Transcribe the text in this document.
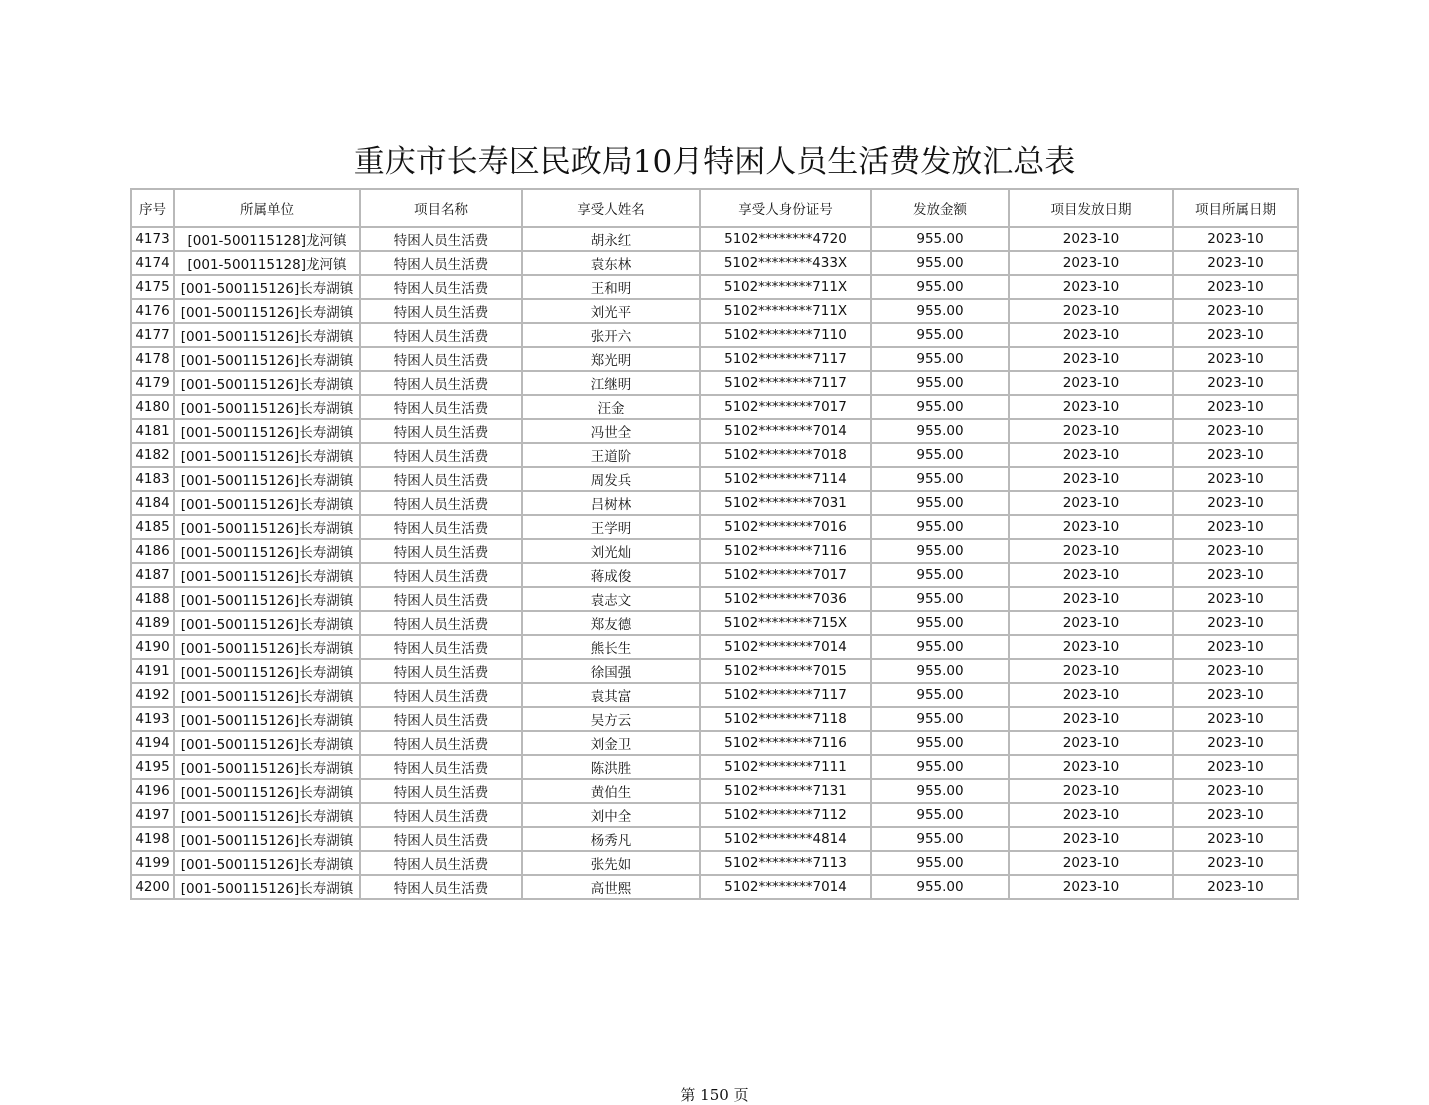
重庆市长寿区民政局10月特困人员生活费发放汇总表
序号	所属单位	项目名称	享受人姓名	享受人身份证号	发放金额	项目发放日期	项目所属日期
4173	[001-500115128]龙河镇	特困人员生活费	胡永红	5102********4720	955.00	2023-10	2023-10
4174	[001-500115128]龙河镇	特困人员生活费	袁东林	5102********433X	955.00	2023-10	2023-10
4175	[001-500115126]长寿湖镇	特困人员生活费	王和明	5102********711X	955.00	2023-10	2023-10
4176	[001-500115126]长寿湖镇	特困人员生活费	刘光平	5102********711X	955.00	2023-10	2023-10
4177	[001-500115126]长寿湖镇	特困人员生活费	张开六	5102********7110	955.00	2023-10	2023-10
4178	[001-500115126]长寿湖镇	特困人员生活费	郑光明	5102********7117	955.00	2023-10	2023-10
4179	[001-500115126]长寿湖镇	特困人员生活费	江继明	5102********7117	955.00	2023-10	2023-10
4180	[001-500115126]长寿湖镇	特困人员生活费	汪金	5102********7017	955.00	2023-10	2023-10
4181	[001-500115126]长寿湖镇	特困人员生活费	冯世全	5102********7014	955.00	2023-10	2023-10
4182	[001-500115126]长寿湖镇	特困人员生活费	王道阶	5102********7018	955.00	2023-10	2023-10
4183	[001-500115126]长寿湖镇	特困人员生活费	周发兵	5102********7114	955.00	2023-10	2023-10
4184	[001-500115126]长寿湖镇	特困人员生活费	吕树林	5102********7031	955.00	2023-10	2023-10
4185	[001-500115126]长寿湖镇	特困人员生活费	王学明	5102********7016	955.00	2023-10	2023-10
4186	[001-500115126]长寿湖镇	特困人员生活费	刘光灿	5102********7116	955.00	2023-10	2023-10
4187	[001-500115126]长寿湖镇	特困人员生活费	蒋成俊	5102********7017	955.00	2023-10	2023-10
4188	[001-500115126]长寿湖镇	特困人员生活费	袁志文	5102********7036	955.00	2023-10	2023-10
4189	[001-500115126]长寿湖镇	特困人员生活费	郑友德	5102********715X	955.00	2023-10	2023-10
4190	[001-500115126]长寿湖镇	特困人员生活费	熊长生	5102********7014	955.00	2023-10	2023-10
4191	[001-500115126]长寿湖镇	特困人员生活费	徐国强	5102********7015	955.00	2023-10	2023-10
4192	[001-500115126]长寿湖镇	特困人员生活费	袁其富	5102********7117	955.00	2023-10	2023-10
4193	[001-500115126]长寿湖镇	特困人员生活费	吴方云	5102********7118	955.00	2023-10	2023-10
4194	[001-500115126]长寿湖镇	特困人员生活费	刘金卫	5102********7116	955.00	2023-10	2023-10
4195	[001-500115126]长寿湖镇	特困人员生活费	陈洪胜	5102********7111	955.00	2023-10	2023-10
4196	[001-500115126]长寿湖镇	特困人员生活费	黄伯生	5102********7131	955.00	2023-10	2023-10
4197	[001-500115126]长寿湖镇	特困人员生活费	刘中全	5102********7112	955.00	2023-10	2023-10
4198	[001-500115126]长寿湖镇	特困人员生活费	杨秀凡	5102********4814	955.00	2023-10	2023-10
4199	[001-500115126]长寿湖镇	特困人员生活费	张先如	5102********7113	955.00	2023-10	2023-10
4200	[001-500115126]长寿湖镇	特困人员生活费	高世熙	5102********7014	955.00	2023-10	2023-10
第 150 页
